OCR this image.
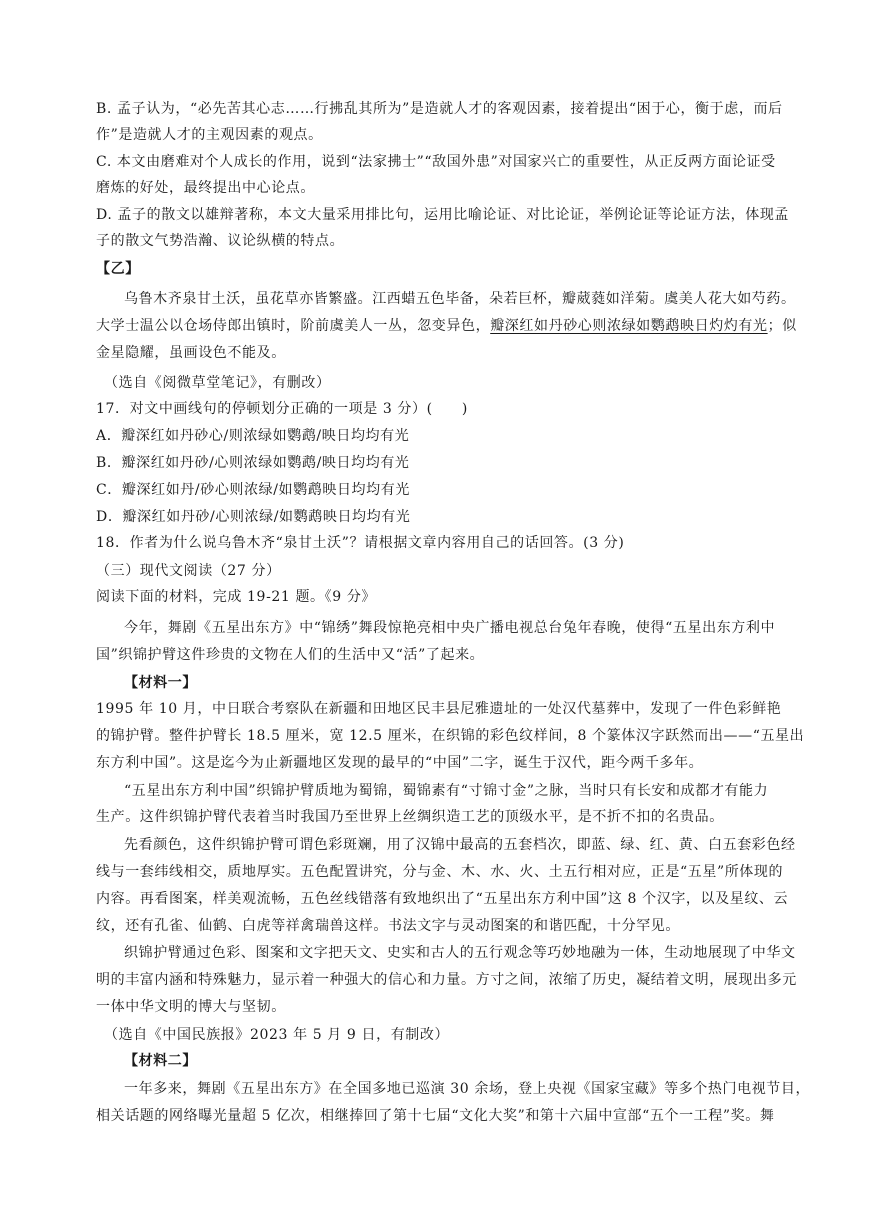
B. 孟子认为，“必先苦其心志……行拂乱其所为”是造就人才的客观因素，接着提出“困于心，衡于虑，而后
作”是造就人才的主观因素的观点。
C. 本文由磨难对个人成长的作用，说到“法家拂士”“敌国外患”对国家兴亡的重要性，从正反两方面论证受
磨炼的好处，最终提出中心论点。
D. 孟子的散文以雄辩著称，本文大量采用排比句，运用比喻论证、对比论证，举例论证等论证方法，体现孟
子的散文气势浩瀚、议论纵横的特点。
【乙】
乌鲁木齐泉甘土沃，虽花草亦皆繁盛。江西蜡五色毕备，朵若巨杯，瓣葳蕤如洋菊。虞美人花大如芍药。
大学士温公以仓场侍郎出镇时，阶前虞美人一丛，忽变异色，瓣深红如丹砂心则浓绿如鹦鹉映日灼灼有光；似
金星隐耀，虽画设色不能及。
（选自《阅微草堂笔记》，有删改）
17．对文中画线句的停顿划分正确的一项是 3 分）(　　)
A．瓣深红如丹砂心/则浓绿如鹦鹉/映日均均有光
B．瓣深红如丹砂/心则浓绿如鹦鹉/映日均均有光
C．瓣深红如丹/砂心则浓绿/如鹦鹉映日均均有光
D．瓣深红如丹砂/心则浓绿/如鹦鹉映日均均有光
18．作者为什么说乌鲁木齐“泉甘土沃”？请根据文章内容用自己的话回答。(3 分)
（三）现代文阅读（27 分）
阅读下面的材料，完成 19-21 题。《9 分》
今年，舞剧《五星出东方》中“锦绣”舞段惊艳亮相中央广播电视总台兔年春晚，使得“五星出东方利中
国”织锦护臂这件珍贵的文物在人们的生活中又“活”了起来。
【材料一】
1995 年 10 月，中日联合考察队在新疆和田地区民丰县尼雅遗址的一处汉代墓葬中，发现了一件色彩鲜艳
的锦护臂。整件护臂长 18.5 厘米，宽 12.5 厘米，在织锦的彩色纹样间，8 个篆体汉字跃然而出——“五星出
东方利中国”。这是迄今为止新疆地区发现的最早的“中国”二字，诞生于汉代，距今两千多年。
“五星出东方利中国”织锦护臂质地为蜀锦，蜀锦素有“寸锦寸金”之脉，当时只有长安和成都才有能力
生产。这件织锦护臂代表着当时我国乃至世界上丝绸织造工艺的顶级水平，是不折不扣的名贵品。
先看颜色，这件织锦护臂可谓色彩斑斓，用了汉锦中最高的五套档次，即蓝、绿、红、黄、白五套彩色经
线与一套纬线相交，质地厚实。五色配置讲究，分与金、木、水、火、土五行相对应，正是“五星”所体现的
内容。再看图案，样美观流畅，五色丝线错落有致地织出了“五星出东方利中国”这 8 个汉字，以及星纹、云
纹，还有孔雀、仙鹤、白虎等祥禽瑞兽这样。书法文字与灵动图案的和谐匹配，十分罕见。
织锦护臂通过色彩、图案和文字把天文、史实和古人的五行观念等巧妙地融为一体，生动地展现了中华文
明的丰富内涵和特殊魅力，显示着一种强大的信心和力量。方寸之间，浓缩了历史，凝结着文明，展现出多元
一体中华文明的博大与坚韧。
（选自《中国民族报》2023 年 5 月 9 日，有制改）
【材料二】
一年多来，舞剧《五星出东方》在全国多地已巡演 30 余场，登上央视《国家宝藏》等多个热门电视节目，
相关话题的网络曝光量超 5 亿次，相继捧回了第十七届“文化大奖”和第十六届中宣部“五个一工程”奖。舞
